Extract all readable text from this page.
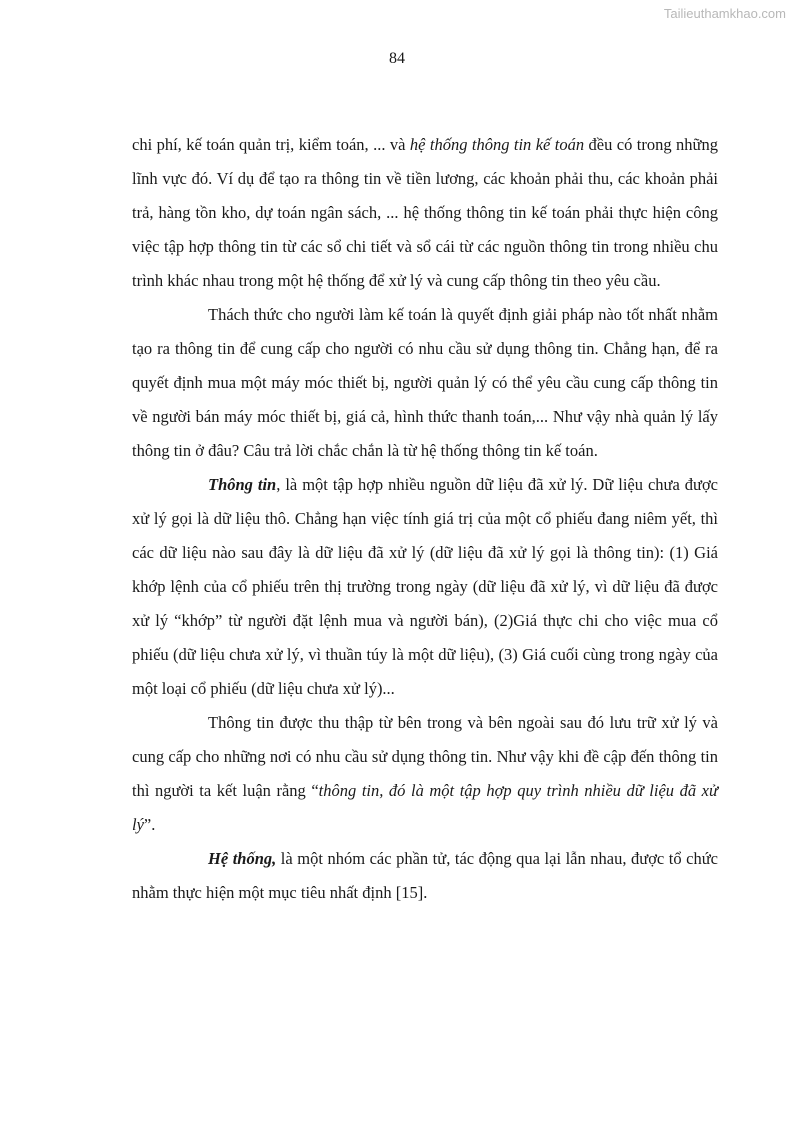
Tailieuthamkhao.com
84

chi phí, kế toán quản trị, kiểm toán, ... và hệ thống thông tin kế toán đều có trong những lĩnh vực đó. Ví dụ để tạo ra thông tin về tiền lương, các khoản phải thu, các khoản phải trả, hàng tồn kho, dự toán ngân sách, ... hệ thống thông tin kế toán phải thực hiện công việc tập hợp thông tin từ các sổ chi tiết và sổ cái từ các nguồn thông tin trong nhiều chu trình khác nhau trong một hệ thống để xử lý và cung cấp thông tin theo yêu cầu.

Thách thức cho người làm kế toán là quyết định giải pháp nào tốt nhất nhằm tạo ra thông tin để cung cấp cho người có nhu cầu sử dụng thông tin. Chẳng hạn, để ra quyết định mua một máy móc thiết bị, người quản lý có thể yêu cầu cung cấp thông tin về người bán máy móc thiết bị, giá cả, hình thức thanh toán,... Như vậy nhà quản lý lấy thông tin ở đâu? Câu trả lời chắc chắn là từ hệ thống thông tin kế toán.

Thông tin, là một tập hợp nhiều nguồn dữ liệu đã xử lý. Dữ liệu chưa được xử lý gọi là dữ liệu thô. Chẳng hạn việc tính giá trị của một cổ phiếu đang niêm yết, thì các dữ liệu nào sau đây là dữ liệu đã xử lý (dữ liệu đã xử lý gọi là thông tin): (1) Giá khớp lệnh của cổ phiếu trên thị trường trong ngày (dữ liệu đã xử lý, vì dữ liệu đã được xử lý “khớp” từ người đặt lệnh mua và người bán), (2)Giá thực chi cho việc mua cổ phiếu (dữ liệu chưa xử lý, vì thuần túy là một dữ liệu), (3) Giá cuối cùng trong ngày của một loại cổ phiếu (dữ liệu chưa xử lý)...

Thông tin được thu thập từ bên trong và bên ngoài sau đó lưu trữ xử lý và cung cấp cho những nơi có nhu cầu sử dụng thông tin. Như vậy khi đề cập đến thông tin thì người ta kết luận rằng “thông tin, đó là một tập hợp quy trình nhiều dữ liệu đã xử lý”.

Hệ thống, là một nhóm các phần tử, tác động qua lại lẫn nhau, được tổ chức nhằm thực hiện một mục tiêu nhất định [15].
